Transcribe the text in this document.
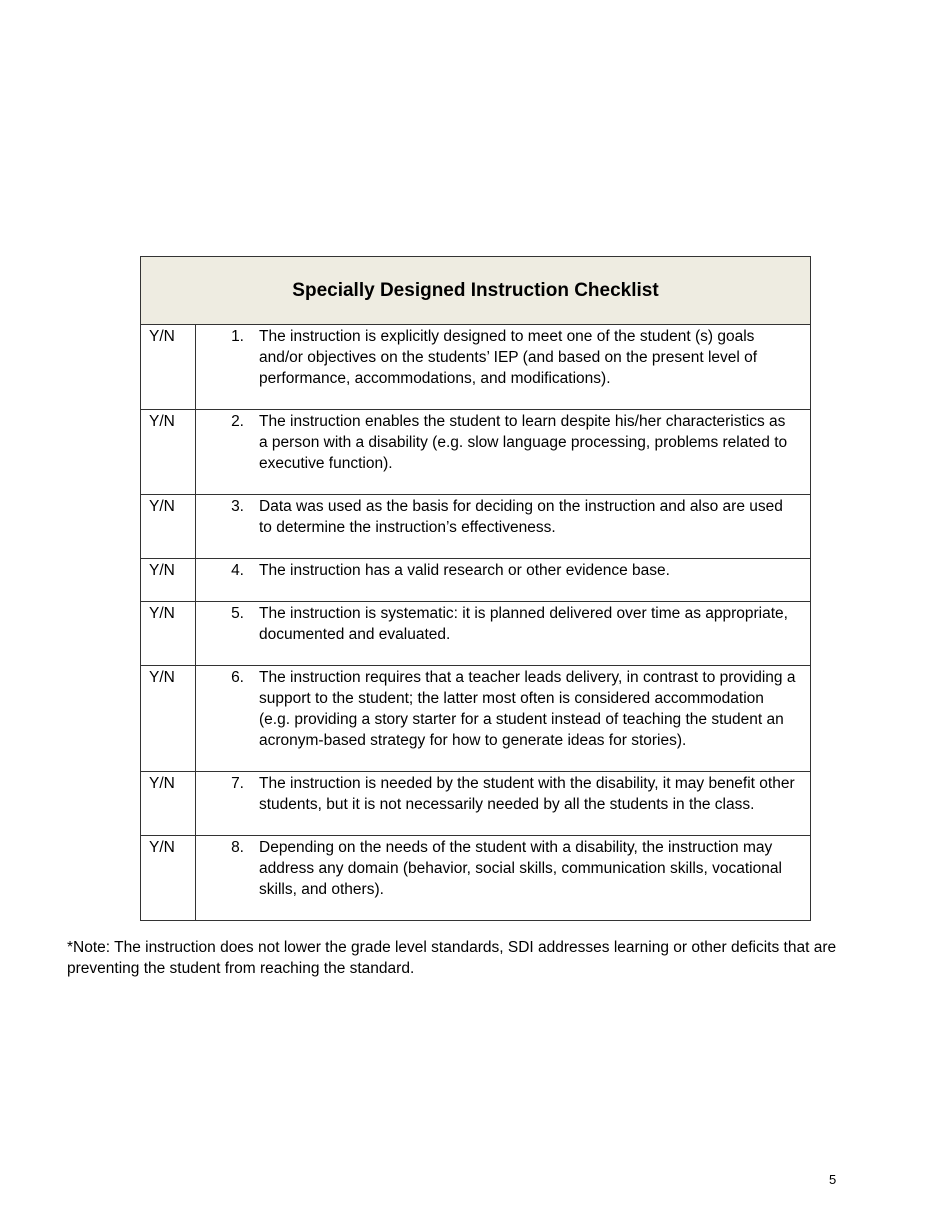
Specially Designed Instruction Checklist	
Y/N	1. The instruction is explicitly designed to meet one of the student (s) goals and/or objectives on the students’ IEP (and based on the present level of performance, accommodations, and modifications).

Y/N	2. The instruction enables the student to learn despite his/her characteristics as a person with a disability (e.g. slow language processing, problems related to executive function).

Y/N	3. Data was used as the basis for deciding on the instruction and also are used to determine the instruction’s effectiveness.

Y/N	4. The instruction has a valid research or other evidence base.

Y/N	5. The instruction is systematic: it is planned delivered over time as appropriate, documented and evaluated.

Y/N	6. The instruction requires that a teacher leads delivery, in contrast to providing a support to the student; the latter most often is considered accommodation (e.g. providing a story starter for a student instead of teaching the student an acronym-based strategy for how to generate ideas for stories).

Y/N	7. The instruction is needed by the student with the disability, it may benefit other students, but it is not necessarily needed by all the students in the class.

Y/N	8. Depending on the needs of the student with a disability, the instruction may address any domain (behavior, social skills, communication skills, vocational skills, and others).

*Note: The instruction does not lower the grade level standards, SDI addresses learning or other deficits that are preventing the student from reaching the standard.

5
